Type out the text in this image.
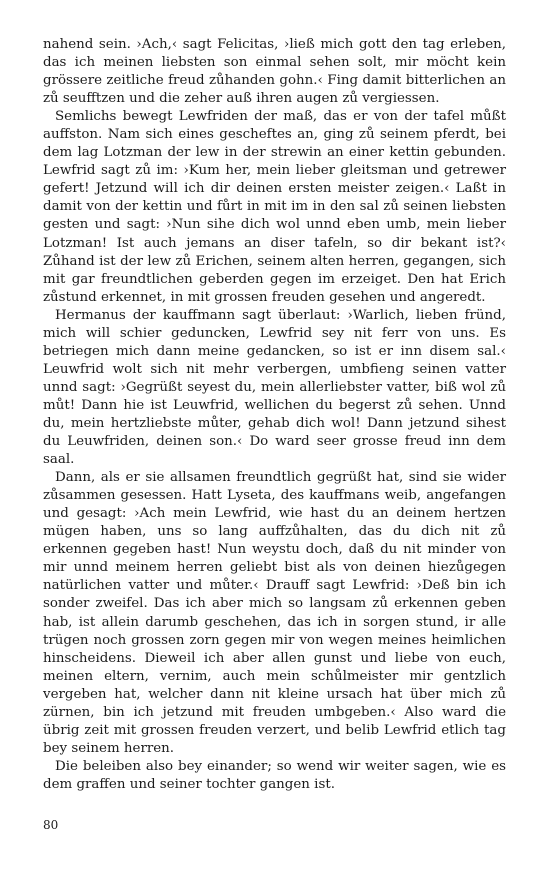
nahend sein. ›Ach,‹ sagt Felicitas, ›ließ mich gott den tag erleben, das ich meinen liebsten son einmal sehen solt, mir möcht kein grössere zeitliche freud zůhanden gohn.‹ Fing damit bitterlichen an zů seufftzen und die zeher auß ihren augen zů vergiessen.

Semlichs bewegt Lewfriden der maß, das er von der tafel můßt auffston. Nam sich eines gescheftes an, ging zů seinem pferdt, bei dem lag Lotzman der lew in der strewin an einer kettin gebunden. Lewfrid sagt zů im: ›Kum her, mein lieber gleitsman und getrewer gefert! Jetzund will ich dir deinen ersten meister zeigen.‹ Laßt in damit von der kettin und fůrt in mit im in den sal zů seinen liebsten gesten und sagt: ›Nun sihe dich wol unnd eben umb, mein lieber Lotzman! Ist auch jemans an diser tafeln, so dir bekant ist?‹ Zůhand ist der lew zů Erichen, seinem alten herren, gegangen, sich mit gar freundtlichen geberden gegen im erzeiget. Den hat Erich zůstund erkennet, in mit grossen freuden gesehen und angeredt.

Hermanus der kauffmann sagt überlaut: ›Warlich, lieben fründ, mich will schier geduncken, Lewfrid sey nit ferr von uns. Es betriegen mich dann meine gedancken, so ist er inn disem sal.‹ Leuwfrid wolt sich nit mehr verbergen, umbfieng seinen vatter unnd sagt: ›Gegrüßt seyest du, mein allerliebster vatter, biß wol zů můt! Dann hie ist Leuwfrid, wellichen du begerst zů sehen. Unnd du, mein hertzliebste můter, gehab dich wol! Dann jetzund sihest du Leuwfriden, deinen son.‹ Do ward seer grosse freud inn dem saal.

Dann, als er sie allsamen freundtlich gegrüßt hat, sind sie wider zůsammen gesessen. Hatt Lyseta, des kauffmans weib, angefangen und gesagt: ›Ach mein Lewfrid, wie hast du an deinem hertzen mügen haben, uns so lang auffzůhalten, das du dich nit zů erkennen gegeben hast! Nun weystu doch, daß du nit minder von mir unnd meinem herren geliebt bist als von deinen hiezůgegen natürlichen vatter und můter.‹ Drauff sagt Lewfrid: ›Deß bin ich sonder zweifel. Das ich aber mich so langsam zů erkennen geben hab, ist allein darumb geschehen, das ich in sorgen stund, ir alle trügen noch grossen zorn gegen mir von wegen meines heimlichen hinscheidens. Dieweil ich aber allen gunst und liebe von euch, meinen eltern, vernim, auch mein schůlmeister mir gentzlich vergeben hat, welcher dann nit kleine ursach hat über mich zů zürnen, bin ich jetzund mit freuden umbgeben.‹ Also ward die übrig zeit mit grossen freuden verzert, und belib Lewfrid etlich tag bey seinem herren.

Die beleiben also bey einander; so wend wir weiter sagen, wie es dem graffen und seiner tochter gangen ist.

80
